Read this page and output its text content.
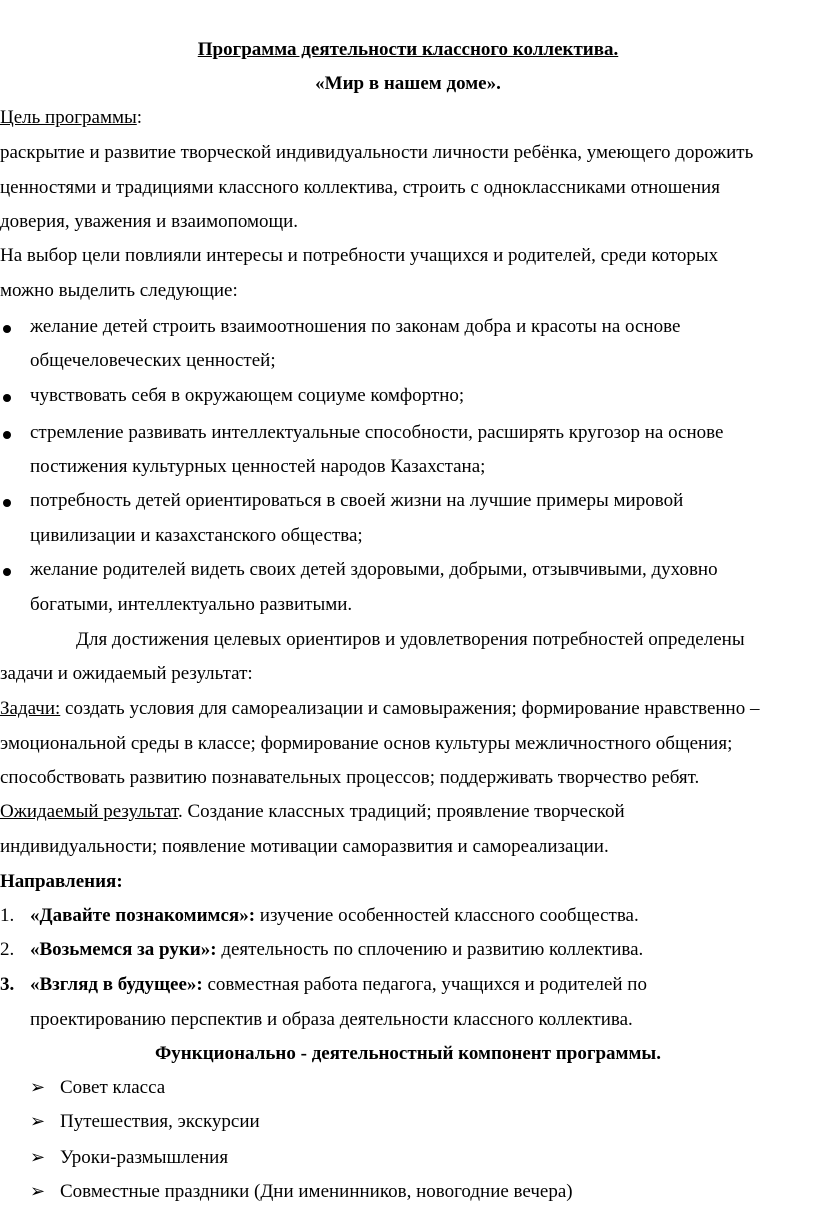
Программа деятельности классного коллектива.
«Мир в нашем доме».
Цель программы:
раскрытие и развитие творческой индивидуальности личности ребёнка, умеющего дорожить
ценностями и традициями классного коллектива, строить с одноклассниками отношения
доверия, уважения и взаимопомощи.
На выбор цели повлияли интересы и потребности учащихся и родителей, среди которых
можно выделить следующие:
желание детей строить взаимоотношения по законам добра и красоты на основе
общечеловеческих ценностей;
чувствовать себя в окружающем социуме комфортно;
стремление развивать интеллектуальные способности, расширять кругозор на основе
постижения культурных ценностей народов Казахстана;
потребность детей ориентироваться в своей жизни на лучшие примеры мировой
цивилизации и казахстанского общества;
желание родителей видеть своих детей здоровыми, добрыми, отзывчивыми, духовно
богатыми, интеллектуально развитыми.
Для достижения целевых ориентиров и удовлетворения потребностей определены
задачи и ожидаемый результат:
Задачи: создать условия для самореализации и самовыражения; формирование нравственно –
эмоциональной среды в классе; формирование основ культуры межличностного общения;
способствовать развитию познавательных процессов; поддерживать творчество ребят.
Ожидаемый результат. Создание классных традиций; проявление творческой
индивидуальности; появление мотивации саморазвития и самореализации.
Направления:
1. «Давайте познакомимся»: изучение особенностей классного сообщества.
2. «Возьмемся за руки»: деятельность по сплочению и развитию коллектива.
3. «Взгляд в будущее»: совместная работа педагога, учащихся и родителей по
проектированию перспектив и образа деятельности классного коллектива.
Функционально - деятельностный компонент программы.
➢ Совет класса
➢ Путешествия, экскурсии
➢ Уроки-размышления
➢ Совместные праздники (Дни именинников, новогодние вечера)
